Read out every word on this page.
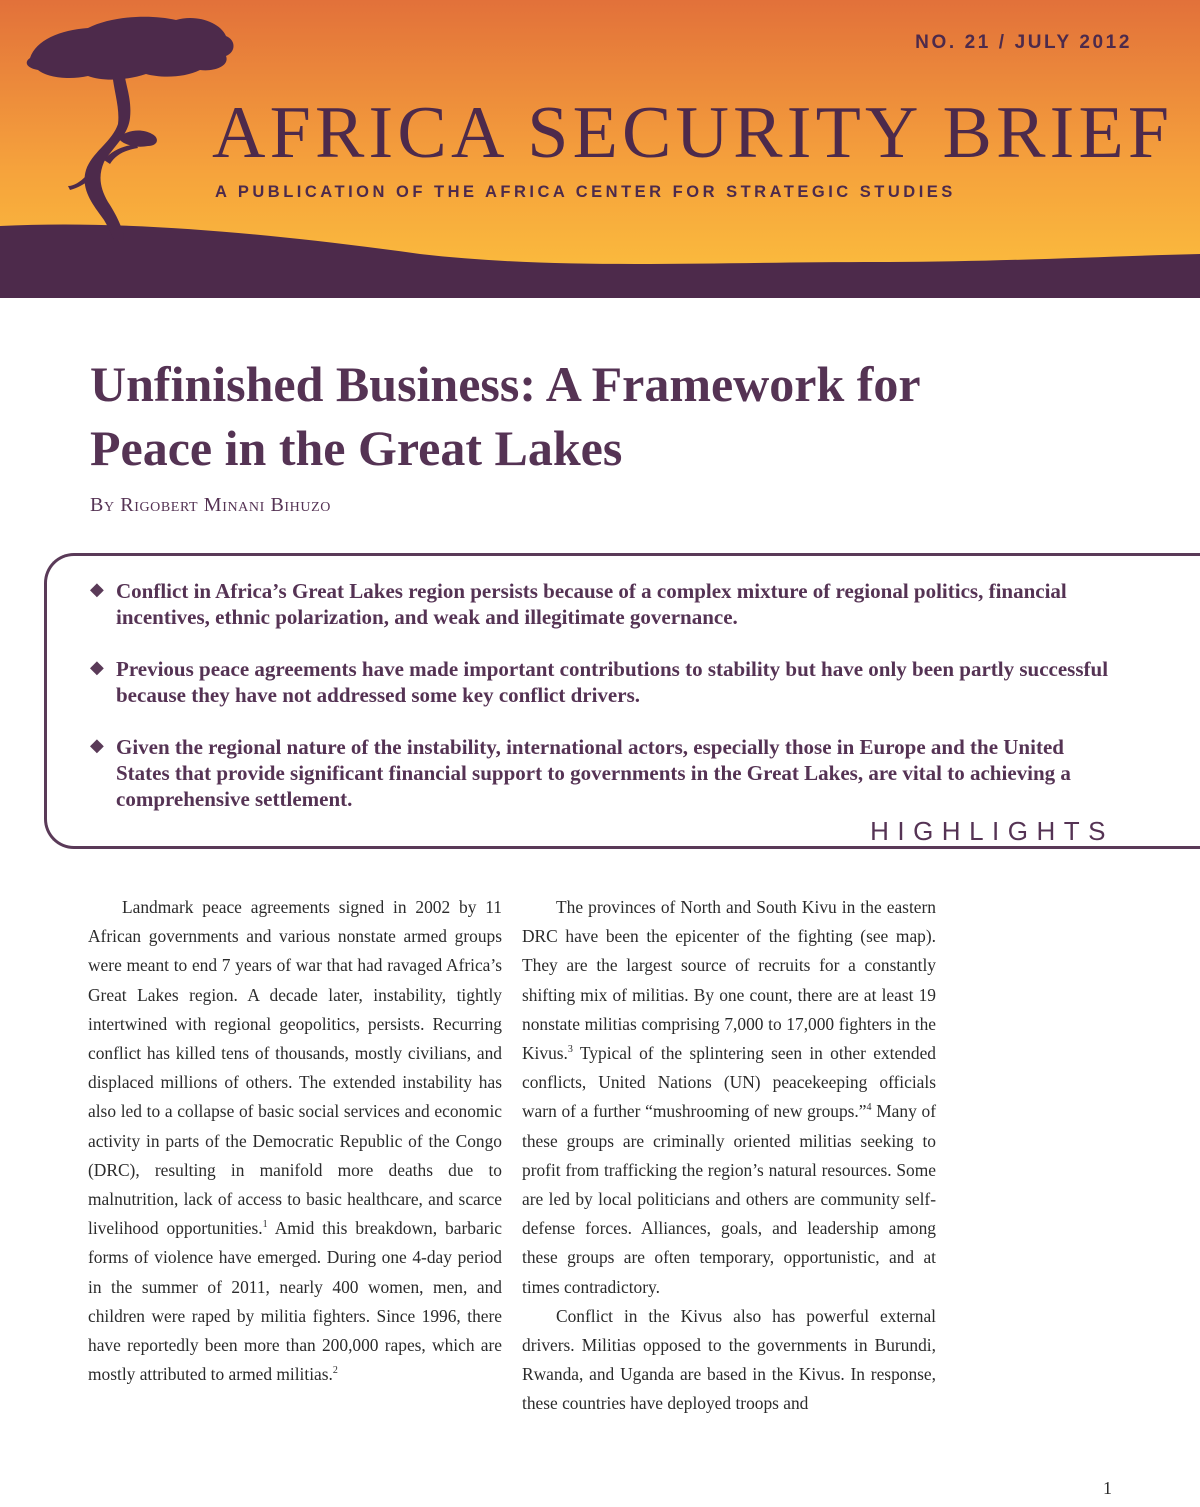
NO. 21 / JULY 2012
AFRICA SECURITY BRIEF
A PUBLICATION OF THE AFRICA CENTER FOR STRATEGIC STUDIES
Unfinished Business: A Framework for Peace in the Great Lakes
By Rigobert Minani Bihuzo
◆ Conflict in Africa’s Great Lakes region persists because of a complex mixture of regional politics, financial incentives, ethnic polarization, and weak and illegitimate governance.
◆ Previous peace agreements have made important contributions to stability but have only been partly successful because they have not addressed some key conflict drivers.
◆ Given the regional nature of the instability, international actors, especially those in Europe and the United States that provide significant financial support to governments in the Great Lakes, are vital to achieving a comprehensive settlement.
HIGHLIGHTS

Landmark peace agreements signed in 2002 by 11 African governments and various nonstate armed groups were meant to end 7 years of war that had ravaged Africa’s Great Lakes region. A decade later, instability, tightly intertwined with regional geopolitics, persists. Recurring conflict has killed tens of thousands, mostly civilians, and displaced millions of others. The extended instability has also led to a collapse of basic social services and economic activity in parts of the Democratic Republic of the Congo (DRC), resulting in manifold more deaths due to malnutrition, lack of access to basic healthcare, and scarce livelihood opportunities.$^1$ Amid this breakdown, barbaric forms of violence have emerged. During one 4-day period in the summer of 2011, nearly 400 women, men, and children were raped by militia fighters. Since 1996, there have reportedly been more than 200,000 rapes, which are mostly attributed to armed militias.$^2$

The provinces of North and South Kivu in the eastern DRC have been the epicenter of the fighting (see map). They are the largest source of recruits for a constantly shifting mix of militias. By one count, there are at least 19 nonstate militias comprising 7,000 to 17,000 fighters in the Kivus.$^3$ Typical of the splintering seen in other extended conflicts, United Nations (UN) peacekeeping officials warn of a further “mushrooming of new groups.”$^4$ Many of these groups are criminally oriented militias seeking to profit from trafficking the region’s natural resources. Some are led by local politicians and others are community self-defense forces. Alliances, goals, and leadership among these groups are often temporary, opportunistic, and at times contradictory.

Conflict in the Kivus also has powerful external drivers. Militias opposed to the governments in Burundi, Rwanda, and Uganda are based in the Kivus. In response, these countries have deployed troops and

1
